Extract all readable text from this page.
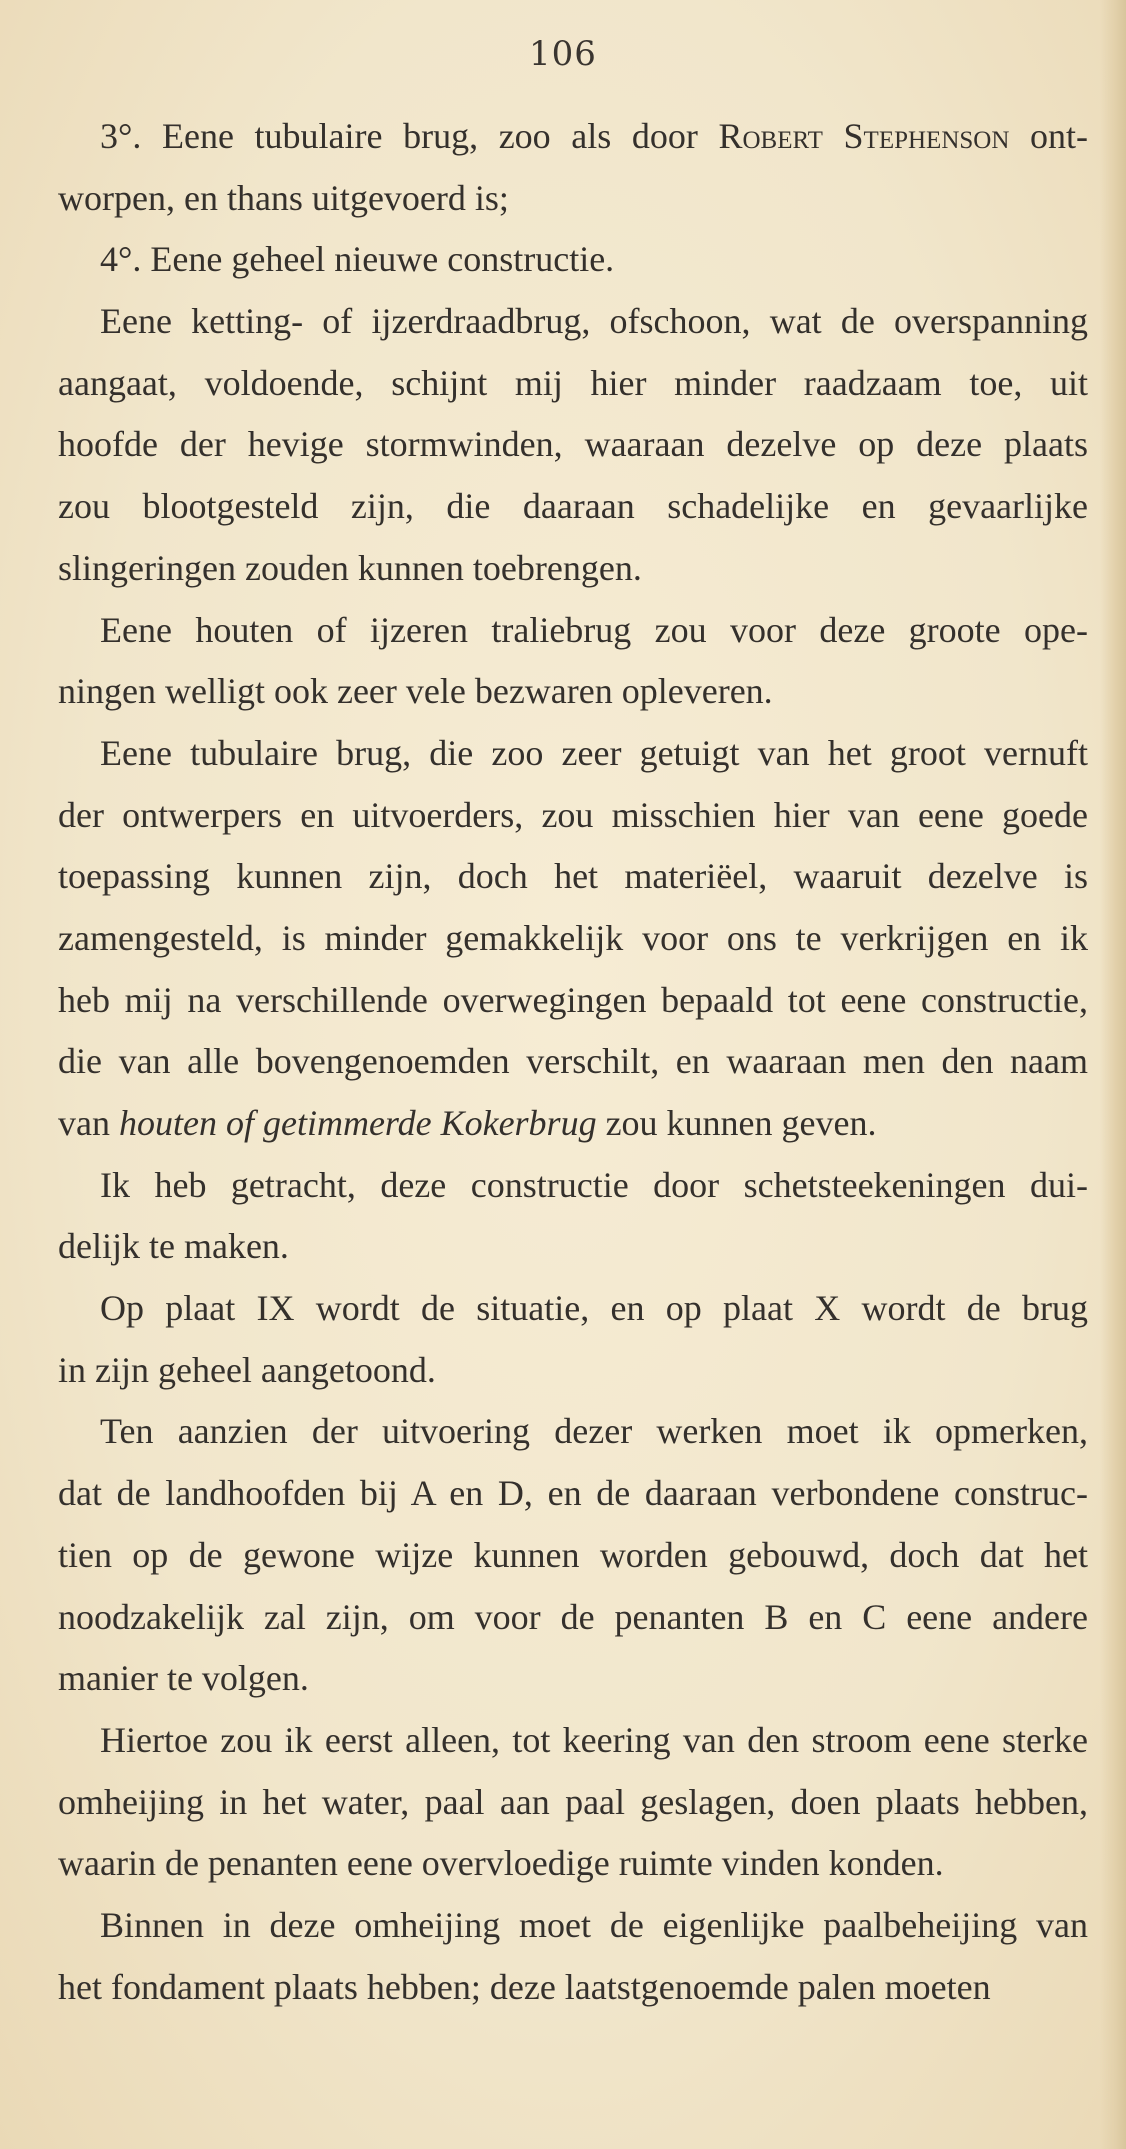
106
3°. Eene tubulaire brug, zoo als door Robert Stephenson ont-
worpen, en thans uitgevoerd is;
4°. Eene geheel nieuwe constructie.
Eene ketting- of ijzerdraadbrug, ofschoon, wat de overspanning
aangaat, voldoende, schijnt mij hier minder raadzaam toe, uit
hoofde der hevige stormwinden, waaraan dezelve op deze plaats
zou blootgesteld zijn, die daaraan schadelijke en gevaarlijke
slingeringen zouden kunnen toebrengen.
Eene houten of ijzeren traliebrug zou voor deze groote ope-
ningen welligt ook zeer vele bezwaren opleveren.
Eene tubulaire brug, die zoo zeer getuigt van het groot vernuft
der ontwerpers en uitvoerders, zou misschien hier van eene goede
toepassing kunnen zijn, doch het materiëel, waaruit dezelve is
zamengesteld, is minder gemakkelijk voor ons te verkrijgen en ik
heb mij na verschillende overwegingen bepaald tot eene constructie,
die van alle bovengenoemden verschilt, en waaraan men den naam
van houten of getimmerde Kokerbrug zou kunnen geven.
Ik heb getracht, deze constructie door schetsteekeningen dui-
delijk te maken.
Op plaat IX wordt de situatie, en op plaat X wordt de brug
in zijn geheel aangetoond.
Ten aanzien der uitvoering dezer werken moet ik opmerken,
dat de landhoofden bij A en D, en de daaraan verbondene construc-
tien op de gewone wijze kunnen worden gebouwd, doch dat het
noodzakelijk zal zijn, om voor de penanten B en C eene andere
manier te volgen.
Hiertoe zou ik eerst alleen, tot keering van den stroom eene sterke
omheijing in het water, paal aan paal geslagen, doen plaats hebben,
waarin de penanten eene overvloedige ruimte vinden konden.
Binnen in deze omheijing moet de eigenlijke paalbeheijing van
het fondament plaats hebben; deze laatstgenoemde palen moeten
